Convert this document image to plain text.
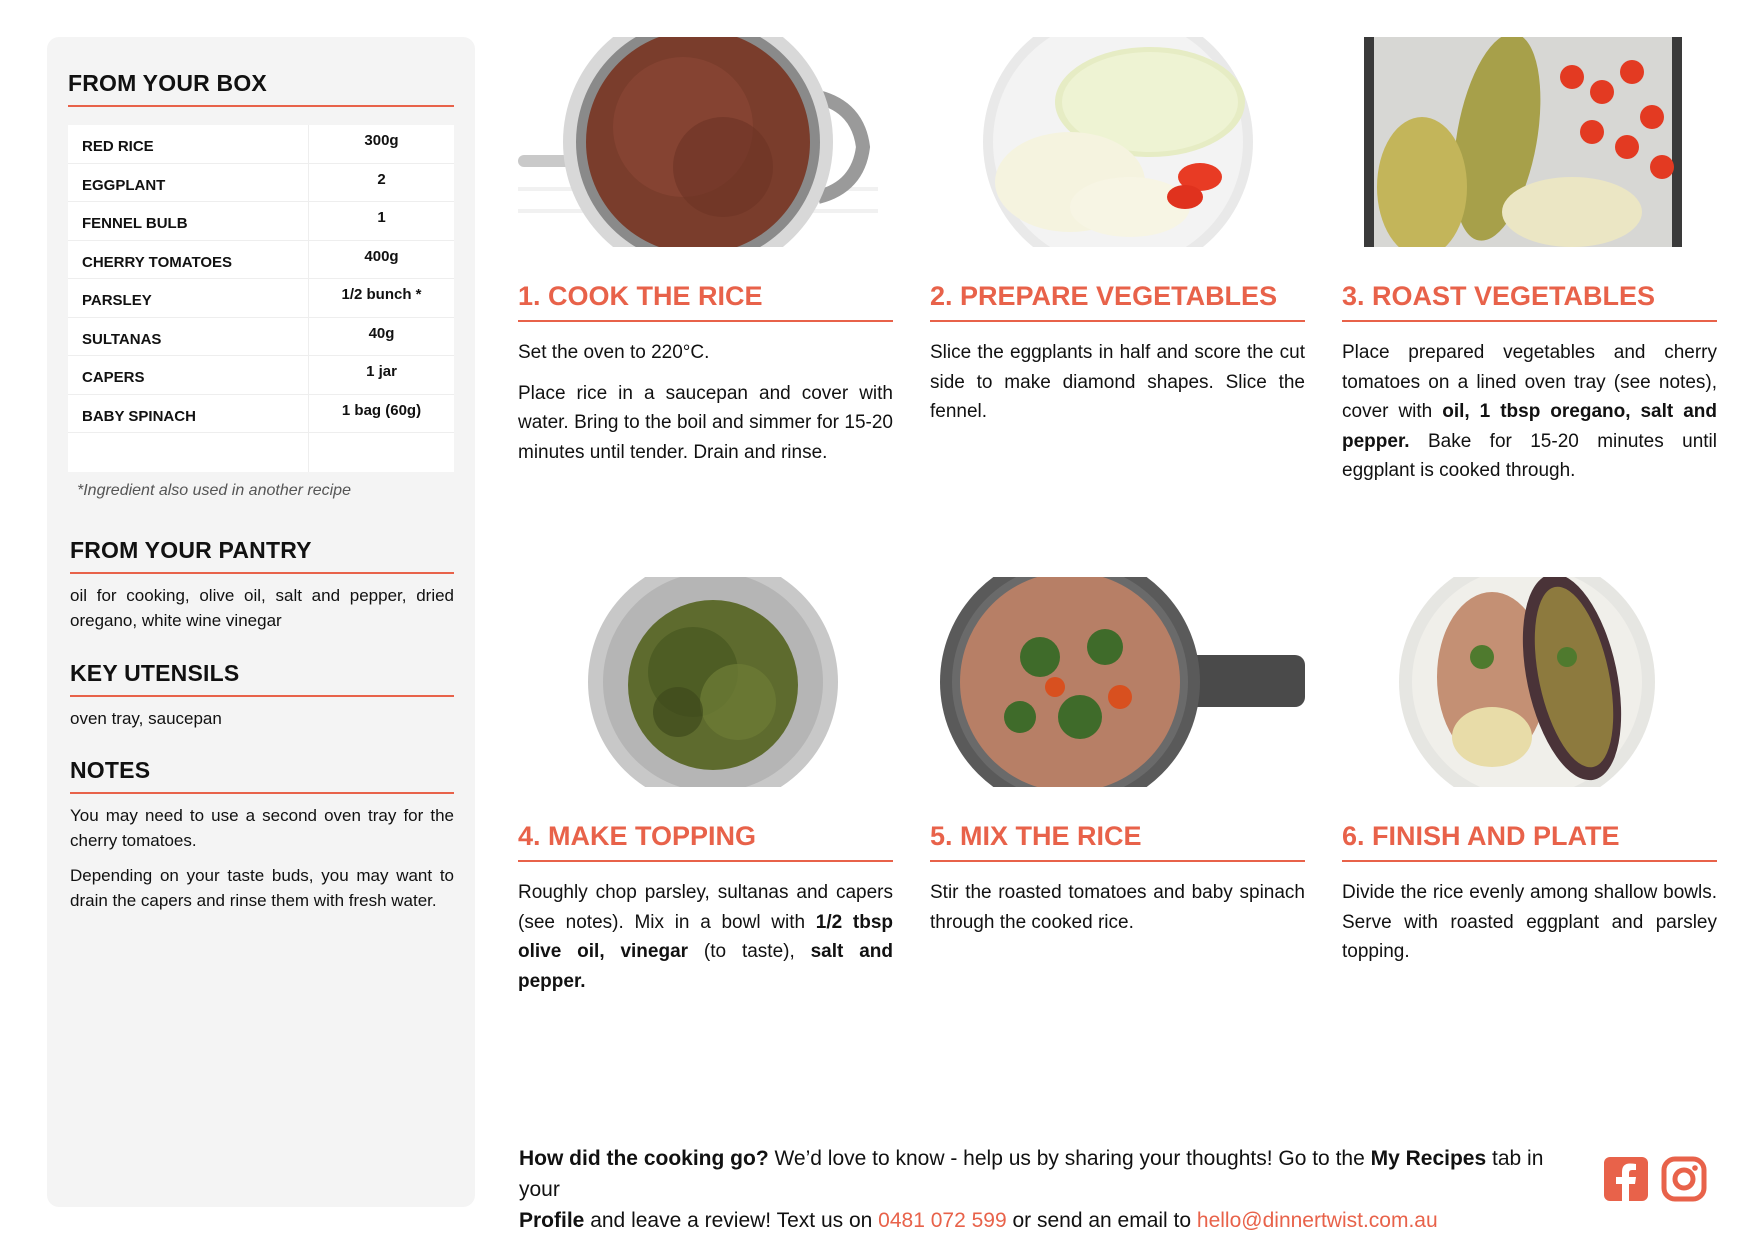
FROM YOUR BOX
RED RICE	300g
EGGPLANT	2
FENNEL BULB	1
CHERRY TOMATOES	400g
PARSLEY	1/2 bunch *
SULTANAS	40g
CAPERS	1 jar
BABY SPINACH	1 bag (60g)
*Ingredient also used in another recipe
FROM YOUR PANTRY
oil for cooking, olive oil, salt and pepper, dried oregano, white wine vinegar
KEY UTENSILS
oven tray, saucepan
NOTES

You may need to use a second oven tray for the cherry tomatoes.

Depending on your taste buds, you may want to drain the capers and rinse them with fresh water.

1. COOK THE RICE

Set the oven to 220°C.

Place rice in a saucepan and cover with water. Bring to the boil and simmer for 15-20 minutes until tender. Drain and rinse.

2. PREPARE VEGETABLES

Slice the eggplants in half and score the cut side to make diamond shapes. Slice the fennel.

3. ROAST VEGETABLES

Place prepared vegetables and cherry tomatoes on a lined oven tray (see notes), cover with oil, 1 tbsp oregano, salt and pepper. Bake for 15-20 minutes until eggplant is cooked through.

4. MAKE TOPPING

Roughly chop parsley, sultanas and capers (see notes). Mix in a bowl with 1/2 tbsp olive oil, vinegar (to taste), salt and pepper.

5. MIX THE RICE

Stir the roasted tomatoes and baby spinach through the cooked rice.

6. FINISH AND PLATE

Divide the rice evenly among shallow bowls. Serve with roasted eggplant and parsley topping.

How did the cooking go? We’d love to know - help us by sharing your thoughts! Go to the My Recipes tab in your
Profile and leave a review! Text us on 0481 072 599 or send an email to hello@dinnertwist.com.au
